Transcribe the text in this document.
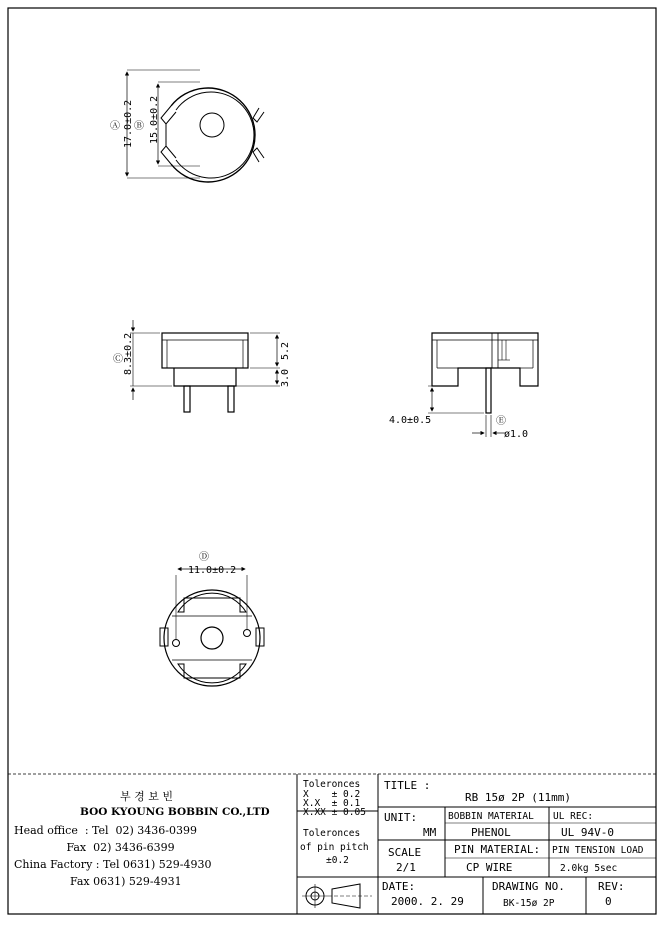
17.0±0.2 15.0±0.2
Ⓐ Ⓑ
Ⓒ 8.3±0.2	5.2
3.0
4.0±0.5	Ⓔ
ø1.0
Ⓓ
11.0±0.2
부 경 보 빈
BOO KYOUNG BOBBIN CO.,LTD
Head office  : Tel  02) 3436-0399
Fax  02) 3436-6399
China Factory : Tel 0631) 529-4930
Fax 0631) 529-4931
Toleronces
X    ± 0.2
X.X  ± 0.1
X.XX ± 0.05
Toleronces
of pin pitch
±0.2
TITLE :
RB 15ø 2P (11mm)
UNIT:
MM
BOBBIN MATERIAL
PHENOL
UL REC:
UL 94V-0
SCALE
2/1
PIN MATERIAL:
CP WIRE
PIN TENSION LOAD
2.0kg 5sec
DATE:
2000. 2. 29
DRAWING NO.
BK-15ø 2P
REV:
0
